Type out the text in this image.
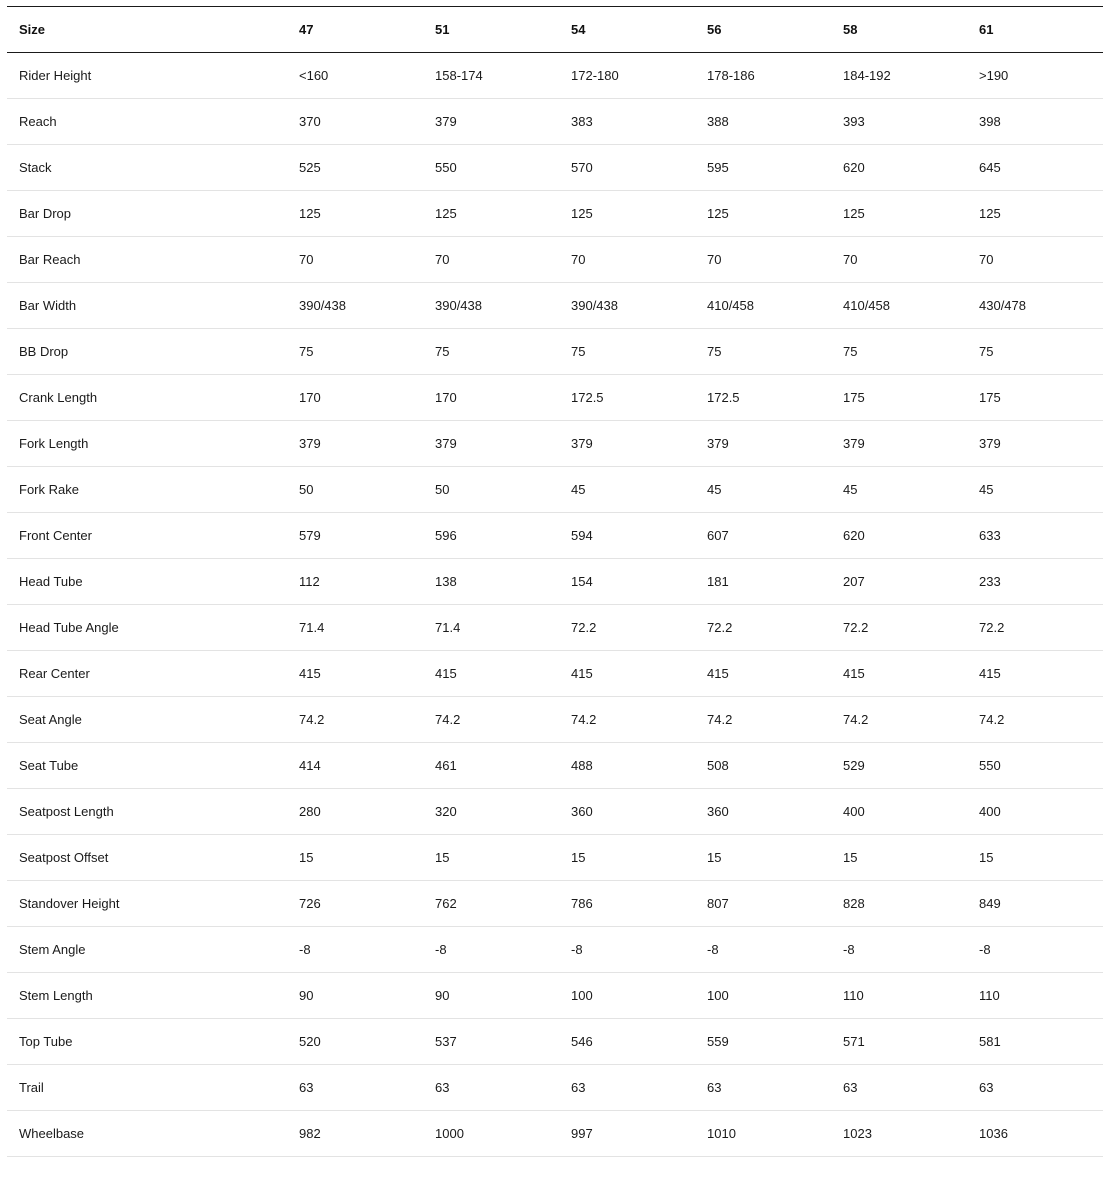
Size	47	51	54	56	58	61
Rider Height	<160	158-174	172-180	178-186	184-192	>190
Reach	370	379	383	388	393	398
Stack	525	550	570	595	620	645
Bar Drop	125	125	125	125	125	125
Bar Reach	70	70	70	70	70	70
Bar Width	390/438	390/438	390/438	410/458	410/458	430/478
BB Drop	75	75	75	75	75	75
Crank Length	170	170	172.5	172.5	175	175
Fork Length	379	379	379	379	379	379
Fork Rake	50	50	45	45	45	45
Front Center	579	596	594	607	620	633
Head Tube	112	138	154	181	207	233
Head Tube Angle	71.4	71.4	72.2	72.2	72.2	72.2
Rear Center	415	415	415	415	415	415
Seat Angle	74.2	74.2	74.2	74.2	74.2	74.2
Seat Tube	414	461	488	508	529	550
Seatpost Length	280	320	360	360	400	400
Seatpost Offset	15	15	15	15	15	15
Standover Height	726	762	786	807	828	849
Stem Angle	-8	-8	-8	-8	-8	-8
Stem Length	90	90	100	100	110	110
Top Tube	520	537	546	559	571	581
Trail	63	63	63	63	63	63
Wheelbase	982	1000	997	1010	1023	1036
